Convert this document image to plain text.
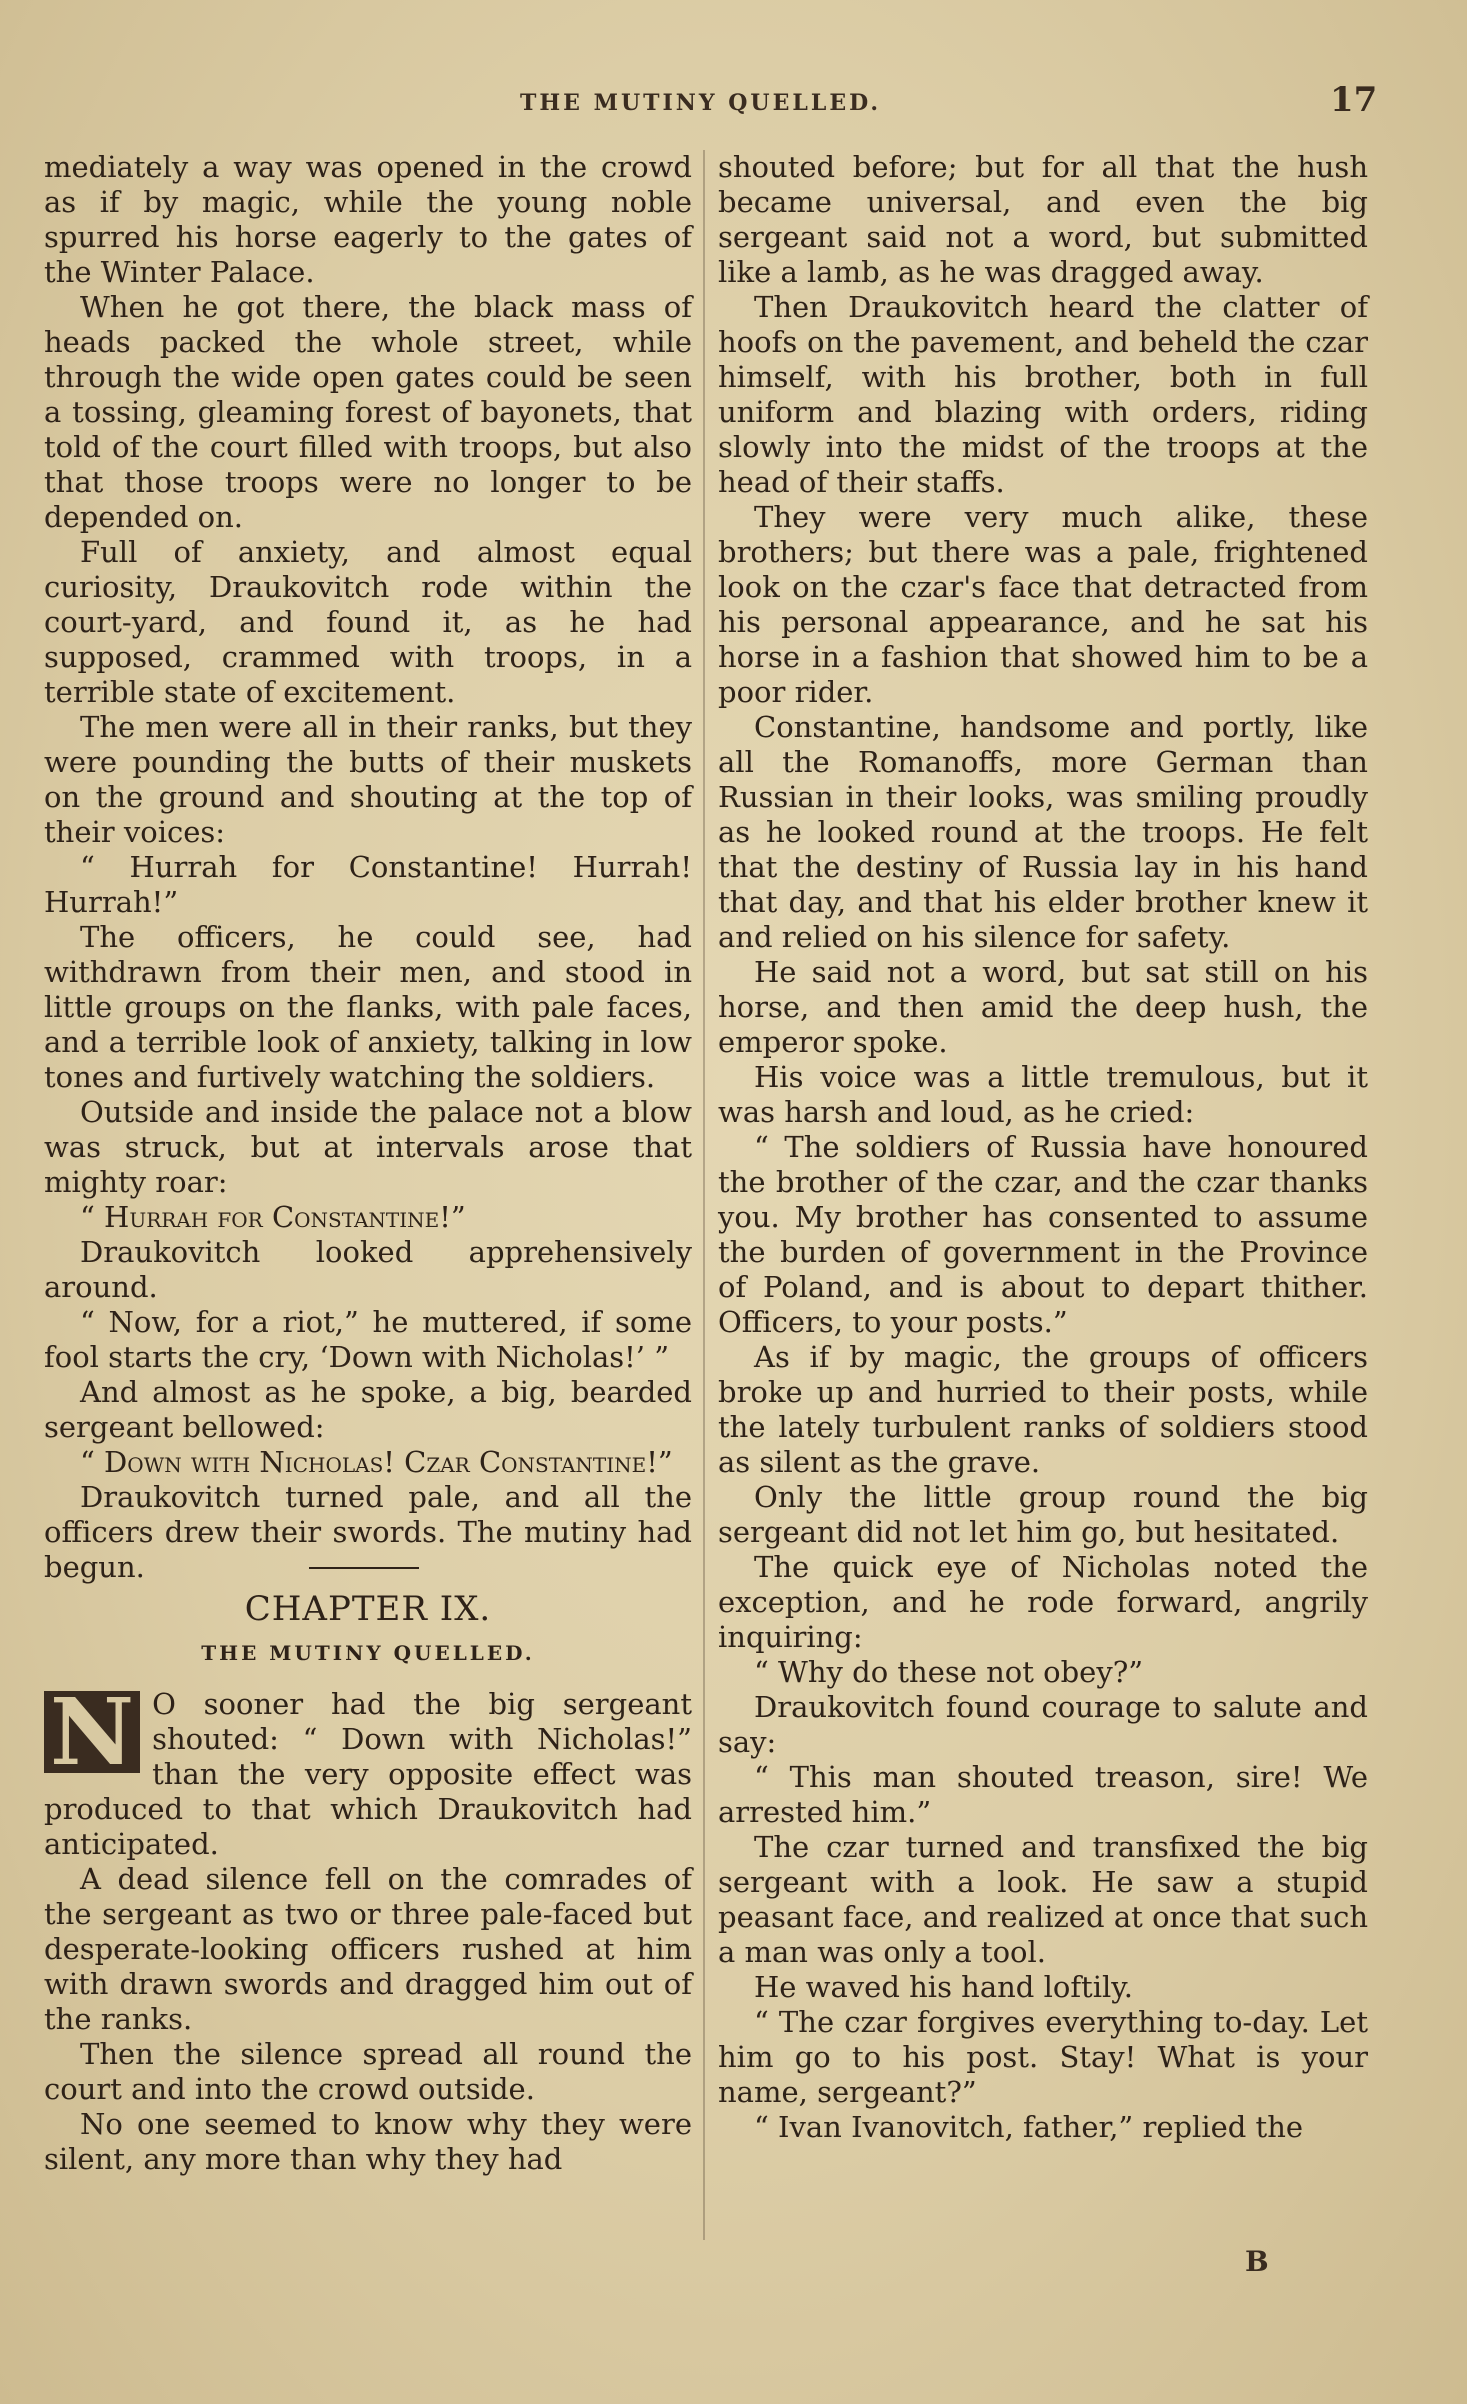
THE MUTINY QUELLED.	17

mediately a way was opened in the crowd as if by magic, while the young noble spurred his horse eagerly to the gates of the Winter Palace.

When he got there, the black mass of heads packed the whole street, while through the wide open gates could be seen a tossing, gleaming forest of bayonets, that told of the court filled with troops, but also that those troops were no longer to be depended on.

Full of anxiety, and almost equal curiosity, Draukovitch rode within the court-yard, and found it, as he had supposed, crammed with troops, in a terrible state of excitement.

The men were all in their ranks, but they were pounding the butts of their muskets on the ground and shouting at the top of their voices:

“ Hurrah for Constantine! Hurrah! Hurrah!”

The officers, he could see, had withdrawn from their men, and stood in little groups on the flanks, with pale faces, and a terrible look of anxiety, talking in low tones and furtively watching the soldiers.

Outside and inside the palace not a blow was struck, but at intervals arose that mighty roar:

“ Hurrah for Constantine!”

Draukovitch looked apprehensively around.

“ Now, for a riot,” he muttered, if some fool starts the cry, ‘Down with Nicholas!’ ”

And almost as he spoke, a big, bearded sergeant bellowed:

“ Down with Nicholas! Czar Constantine!”

Draukovitch turned pale, and all the officers drew their swords. The mutiny had begun.

CHAPTER IX.
THE MUTINY QUELLED.

N O sooner had the big sergeant shouted: “ Down with Nicholas!” than the very opposite effect was produced to that which Draukovitch had anticipated.

A dead silence fell on the comrades of the sergeant as two or three pale-faced but desperate-looking officers rushed at him with drawn swords and dragged him out of the ranks.

Then the silence spread all round the court and into the crowd outside.

No one seemed to know why they were silent, any more than why they had

shouted before; but for all that the hush became universal, and even the big sergeant said not a word, but submitted like a lamb, as he was dragged away.

Then Draukovitch heard the clatter of hoofs on the pavement, and beheld the czar himself, with his brother, both in full uniform and blazing with orders, riding slowly into the midst of the troops at the head of their staffs.

They were very much alike, these brothers; but there was a pale, frightened look on the czar's face that detracted from his personal appearance, and he sat his horse in a fashion that showed him to be a poor rider.

Constantine, handsome and portly, like all the Romanoffs, more German than Russian in their looks, was smiling proudly as he looked round at the troops. He felt that the destiny of Russia lay in his hand that day, and that his elder brother knew it and relied on his silence for safety.

He said not a word, but sat still on his horse, and then amid the deep hush, the emperor spoke.

His voice was a little tremulous, but it was harsh and loud, as he cried:

“ The soldiers of Russia have honoured the brother of the czar, and the czar thanks you. My brother has consented to assume the burden of government in the Province of Poland, and is about to depart thither. Officers, to your posts.”

As if by magic, the groups of officers broke up and hurried to their posts, while the lately turbulent ranks of soldiers stood as silent as the grave.

Only the little group round the big sergeant did not let him go, but hesitated.

The quick eye of Nicholas noted the exception, and he rode forward, angrily inquiring:

“ Why do these not obey?”

Draukovitch found courage to salute and say:

“ This man shouted treason, sire! We arrested him.”

The czar turned and transfixed the big sergeant with a look. He saw a stupid peasant face, and realized at once that such a man was only a tool.

He waved his hand loftily.

“ The czar forgives everything to-day. Let him go to his post. Stay! What is your name, sergeant?”

“ Ivan Ivanovitch, father,” replied the

B
